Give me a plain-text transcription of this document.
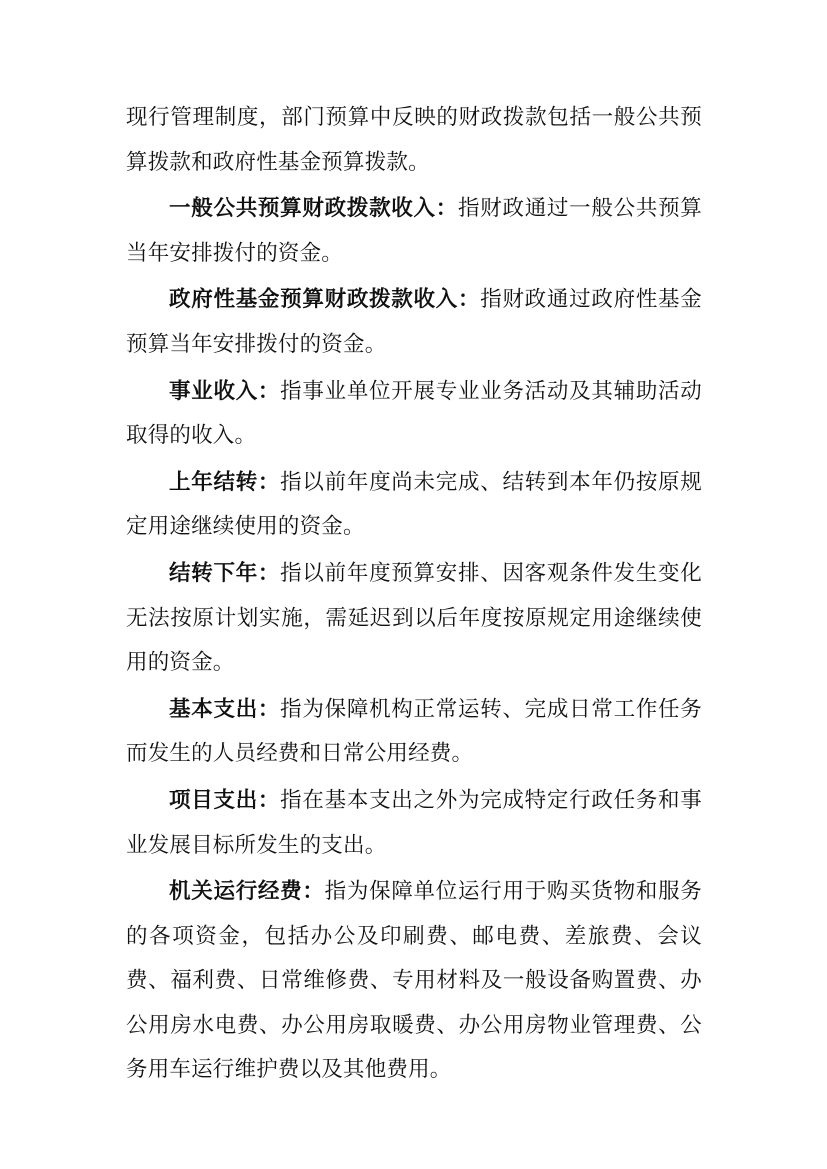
现行管理制度，部门预算中反映的财政拨款包括一般公共预算拨款和政府性基金预算拨款。

一般公共预算财政拨款收入：指财政通过一般公共预算当年安排拨付的资金。

政府性基金预算财政拨款收入：指财政通过政府性基金预算当年安排拨付的资金。

事业收入：指事业单位开展专业业务活动及其辅助活动取得的收入。

上年结转：指以前年度尚未完成、结转到本年仍按原规定用途继续使用的资金。

结转下年：指以前年度预算安排、因客观条件发生变化无法按原计划实施，需延迟到以后年度按原规定用途继续使用的资金。

基本支出：指为保障机构正常运转、完成日常工作任务而发生的人员经费和日常公用经费。

项目支出：指在基本支出之外为完成特定行政任务和事业发展目标所发生的支出。

机关运行经费：指为保障单位运行用于购买货物和服务的各项资金，包括办公及印刷费、邮电费、差旅费、会议费、福利费、日常维修费、专用材料及一般设备购置费、办公用房水电费、办公用房取暖费、办公用房物业管理费、公务用车运行维护费以及其他费用。
